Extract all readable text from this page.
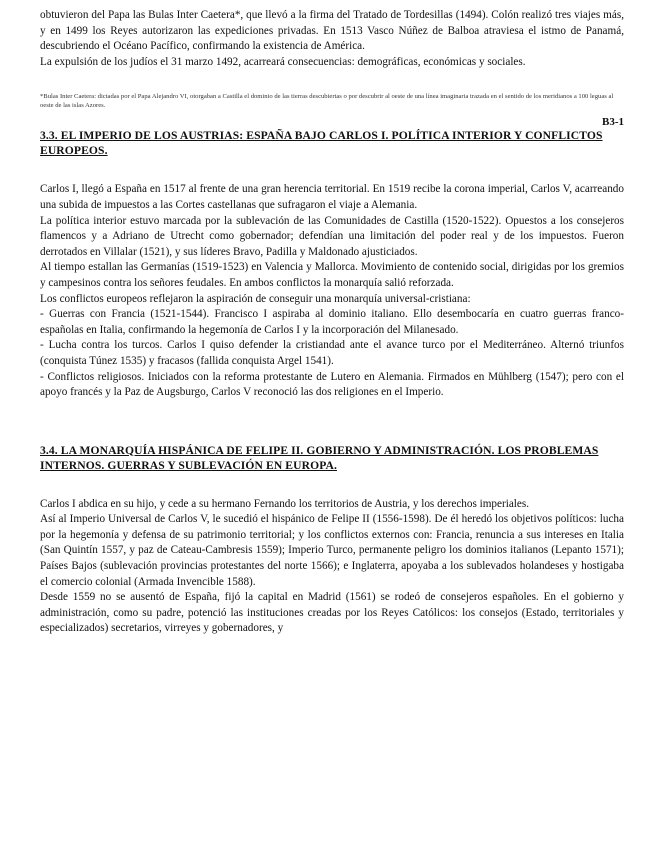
obtuvieron del Papa las Bulas Inter Caetera*, que llevó a la firma del Tratado de Tordesillas (1494). Colón realizó tres viajes más, y en 1499 los Reyes autorizaron las expediciones privadas. En 1513 Vasco Núñez de Balboa atraviesa el istmo de Panamá, descubriendo el Océano Pacífico, confirmando la existencia de América.

La expulsión de los judíos el 31 marzo 1492, acarreará consecuencias: demográficas, económicas y sociales.

*Bulas Inter Caetera: dictadas por el Papa Alejandro VI, otorgaban a Castilla el dominio de las tierras descubiertas o por descubrir al oeste de una línea imaginaria trazada en el sentido de los meridianos a 100 leguas al oeste de las islas Azores.

B3-1
3.3. EL IMPERIO DE LOS AUSTRIAS: ESPAÑA BAJO CARLOS I. POLÍTICA INTERIOR Y CONFLICTOS EUROPEOS.

Carlos I, llegó a España en 1517 al frente de una gran herencia territorial. En 1519 recibe la corona imperial, Carlos V, acarreando una subida de impuestos a las Cortes castellanas que sufragaron el viaje a Alemania.

La política interior estuvo marcada por la sublevación de las Comunidades de Castilla (1520-1522). Opuestos a los consejeros flamencos y a Adriano de Utrecht como gobernador; defendían una limitación del poder real y de los impuestos. Fueron derrotados en Villalar (1521), y sus líderes Bravo, Padilla y Maldonado ajusticiados.

Al tiempo estallan las Germanías (1519-1523) en Valencia y Mallorca. Movimiento de contenido social, dirigidas por los gremios y campesinos contra los señores feudales. En ambos conflictos la monarquía salió reforzada.

Los conflictos europeos reflejaron la aspiración de conseguir una monarquía universal-cristiana:

- Guerras con Francia (1521-1544). Francisco I aspiraba al dominio italiano. Ello desembocaría en cuatro guerras franco-españolas en Italia, confirmando la hegemonía de Carlos I y la incorporación del Milanesado.

- Lucha contra los turcos. Carlos I quiso defender la cristiandad ante el avance turco por el Mediterráneo. Alternó triunfos (conquista Túnez 1535) y fracasos (fallida conquista Argel 1541).

- Conflictos religiosos. Iniciados con la reforma protestante de Lutero en Alemania. Firmados en Mühlberg (1547); pero con el apoyo francés y la Paz de Augsburgo, Carlos V reconoció las dos religiones en el Imperio.

3.4. LA MONARQUÍA HISPÁNICA DE FELIPE II. GOBIERNO Y ADMINISTRACIÓN. LOS PROBLEMAS INTERNOS. GUERRAS Y SUBLEVACIÓN EN EUROPA.

Carlos I abdica en su hijo, y cede a su hermano Fernando los territorios de Austria, y los derechos imperiales.

Así al Imperio Universal de Carlos V, le sucedió el hispánico de Felipe II (1556-1598). De él heredó los objetivos políticos: lucha por la hegemonía y defensa de su patrimonio territorial; y los conflictos externos con: Francia, renuncia a sus intereses en Italia (San Quintín 1557, y paz de Cateau-Cambresis 1559); Imperio Turco, permanente peligro los dominios italianos (Lepanto 1571); Países Bajos (sublevación provincias protestantes del norte 1566); e Inglaterra, apoyaba a los sublevados holandeses y hostigaba el comercio colonial (Armada Invencible 1588).

Desde 1559 no se ausentó de España, fijó la capital en Madrid (1561) se rodeó de consejeros españoles. En el gobierno y administración, como su padre, potenció las instituciones creadas por los Reyes Católicos: los consejos (Estado, territoriales y especializados) secretarios, virreyes y gobernadores, y
